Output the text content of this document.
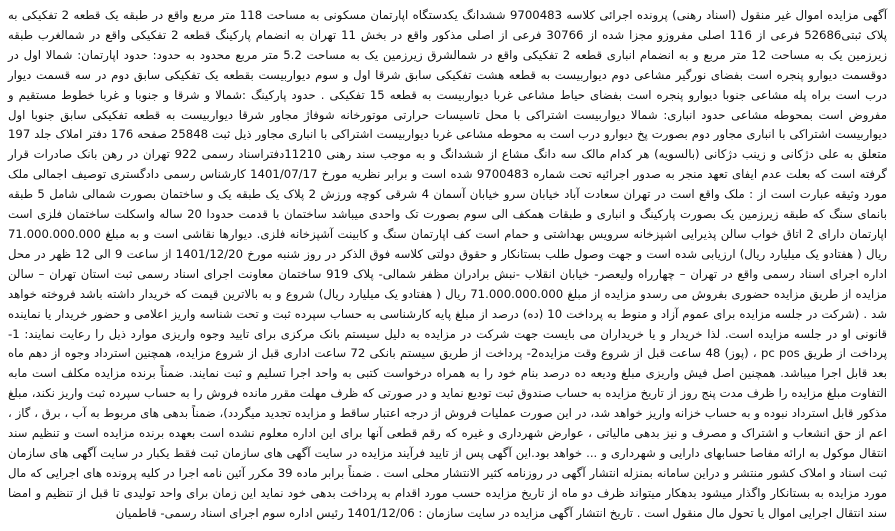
آگهی مزایده اموال غیر منقول (اسناد رهنی) پرونده اجرائی کلاسه 9700483 ششدانگ یکدستگاه اپارتمان مسکونی به مساحت 118 متر مربع واقع در طبقه یک قطعه 2 تفکیکی به پلاک ثبتی52686 فرعی از 116 اصلی مفروزو مجزا شده از 30766 فرعی از اصلی مذکور واقع در بخش 11 تهران به انضمام پارکینگ قطعه 2 تفکیکی واقع در شمالغرب طبقه زیرزمین یک به مساحت 12 متر مربع و به انضمام انباری قطعه 2 تفکیکی واقع در شمالشرق زیرزمین یک به مساحت 5.2 متر مربع محدود به حدود: حدود اپارتمان: شمالا اول در دوقسمت دیوارو پنجره است بفضای نورگیر مشاعی دوم دیواربیست به قطعه هشت تفکیکی سابق شرقا اول و سوم دیواربیست بقطعه یک تفکیکی سابق دوم در سه قسمت دیوار درب است براه پله مشاعی جنوبا دیوارو پنجره است بفضای حیاط مشاعی غربا دیواربیست به قطعه 15 تفکیکی . حدود پارکینگ :شمالا و شرقا و جنوبا و غربا خطوط مستقیم و مفروض است بمحوطه مشاعی حدود انباری: شمالا دیواربیست اشتراکی با محل تاسیسات حرارتی موتورخانه شوفاژ مجاور شرقا دیواربیست به قطعه تفکیکی سابق جنوبا اول دیواربیست اشتراکی با انباری مجاور دوم بصورت پخ دیوارو درب است به محوطه مشاعی غربا دیواربیست اشتراکی با انباری مجاور ذیل ثبت 25848 صفحه 176 دفتر املاک جلد 197 متعلق به علی دژکانی و زینب دژکانی (بالسویه) هر کدام مالک سه دانگ مشاع از ششدانگ و به موجب سند رهنی 11210دفتراسناد رسمی 922 تهران در رهن بانک صادرات قرار گرفته است که بعلت عدم ایفای تعهد منجر به صدور اجرائیه تحت شماره 9700483 شده است و برابر نظریه مورخ 1401/07/17 کارشناس رسمی دادگستری توصیف اجمالی ملک مورد وثیقه عبارت است از : ملک واقع است در تهران سعادت آباد خیابان سرو خیابان آسمان 4 شرقی کوچه ورزش 2 پلاک یک طبقه یک و ساختمان بصورت شمالی شامل 5 طبقه بانمای سنگ که طبقه زیرزمین یک بصورت پارکینگ و انباری و طبقات همکف الی سوم بصورت تک واحدی میباشد ساختمان با قدمت حدودا 20 ساله واسکلت ساختمان فلزی است اپارتمان دارای 2 اتاق خواب سالن پذیرایی اشپزخانه سرویس بهداشتی و حمام است کف اپارتمان سنگ و کابینت آشپزخانه فلزی. دیوارها نقاشی است و به مبلغ 71.000.000.000 ریال ( هفتادو یک میلیارد ریال) ارزیابی شده است و جهت وصول طلب بستانکار و حقوق دولتی کلاسه فوق الذکر در روز شنبه مورخ 1401/12/20 از ساعت 9 الی 12 ظهر در محل اداره اجرای اسناد رسمی واقع در تهران – چهارراه ولیعصر- خیابان انقلاب -نبش برادران مظفر شمالی- پلاک 919 ساختمان معاونت اجرای اسناد رسمی ثبت استان تهران – سالن مزایده از طریق مزایده حضوری بفروش می رسدو مزایده از مبلغ 71.000.000.000 ریال ( هفتادو یک میلیارد ریال) شروع و به بالاترین قیمت که خریدار داشته باشد فروخته خواهد شد . (شرکت در جلسه مزایده برای عموم آزاد و منوط به پرداخت 10 (ده) درصد از مبلغ پایه کارشناسی به حساب سپرده ثبت و تحت شناسه واریز اعلامی و حضور خریدار یا نماینده قانونی او در جلسه مزایده است. لذا خریدار و یا خریداران می بایست جهت شرکت در مزایده به دلیل سیستم بانک مرکزی برای تایید وجوه واریزی موارد ذیل را رعایت نمایند: 1- پرداخت از طریق pc pos ، (پوز) 48 ساعت قبل از شروع وقت مزایده2- پرداخت از طریق سیستم بانکی 72 ساعت اداری قبل از شروع مزایده، همچنین استرداد وجوه از دهم ماه بعد قابل اجرا میباشد. همچنین اصل فیش واریزی مبلغ ودیعه ده درصد بنام خود را به همراه درخواست کتبی به واحد اجرا تسلیم و ثبت نمایند. ضمناً برنده مزایده مکلف است مابه التفاوت مبلغ مزایده را ظرف مدت پنج روز از تاریخ مزایده به حساب صندوق ثبت تودیع نماید و در صورتی که ظرف مهلت مقرر مانده فروش را به حساب سپرده ثبت واریز نکند، مبلغ مذکور قابل استرداد نبوده و به حساب خزانه واریز خواهد شد، در این صورت عملیات فروش از درجه اعتبار ساقط و مزایده تجدید میگردد)، ضمناً بدهی های مربوط به آب ، برق ، گاز ، اعم از حق انشعاب و اشتراک و مصرف و نیز بدهی مالیاتی ، عوارض شهرداری و غیره که رقم قطعی آنها برای این اداره معلوم نشده است بعهده برنده مزایده است و تنظیم سند انتقال موکول به ارائه مفاصا حسابهای دارایی و شهرداری و ... خواهد بود.این آگهی پس از تایید فرآیند مزایده در سایت آگهی های سازمان ثبت فقط یکبار در سایت آگهی های سازمان ثبت اسناد و املاک کشور منتشر و دراین سامانه بمنزله انتشار آگهی در روزنامه کثیر الانتشار محلی است . ضمناً برابر ماده 39 مکرر آئین نامه اجرا در کلیه پرونده های اجرایی که مال مورد مزایده به بستانکار واگذار میشود بدهکار میتواند ظرف دو ماه از تاریخ مزایده حسب مورد اقدام به پرداخت بدهی خود نماید این زمان برای واحد تولیدی تا قبل از تنظیم و امضا سند انتقال اجرایی اموال یا تحول مال منقول است . تاریخ انتشار آگهی مزایده در سایت سازمان : 1401/12/06 رئیس اداره سوم اجرای اسناد رسمی- قاطمیان
